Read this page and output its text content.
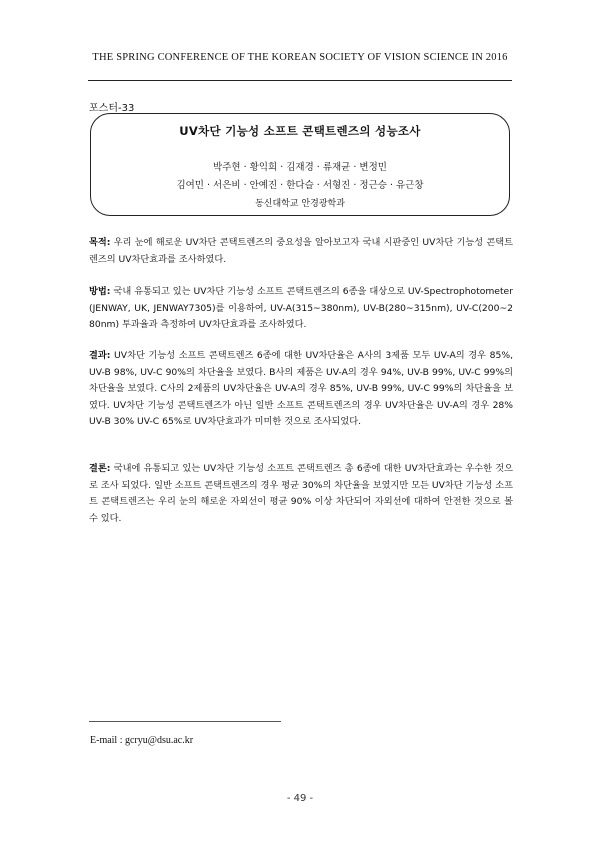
THE SPRING CONFERENCE OF THE KOREAN SOCIETY OF VISION SCIENCE IN 2016
포스터-33
UV차단 기능성 소프트 콘택트렌즈의 성능조사
박주현 · 황익희 · 김재경 · 류재균 · 변정민
김여민 · 서은비 · 안예진 · 한다슬 · 서형진 · 정근승 · 유근창
동신대학교 안경광학과
목적: 우리 눈에 해로운 UV차단 콘택트렌즈의 중요성을 알아보고자 국내 시판중인 UV차단 기능성 콘택트렌즈의 UV차단효과를 조사하였다.
방법: 국내 유통되고 있는 UV차단 기능성 소프트 콘택트렌즈의 6종을 대상으로 UV-Spectrophotometer(JENWAY, UK, JENWAY7305)를 이용하여, UV-A(315~380nm), UV-B(280~315nm), UV-C(200~280nm) 투과율과 측정하여 UV차단효과를 조사하였다.
결과: UV차단 기능성 소프트 콘택트렌즈 6종에 대한 UV차단율은 A사의 3제품 모두 UV-A의 경우 85%, UV-B 98%, UV-C 90%의 차단율을 보였다. B사의 제품은 UV-A의 경우 94%, UV-B 99%, UV-C 99%의 차단율을 보였다. C사의 2제품의 UV차단율은 UV-A의 경우 85%, UV-B 99%, UV-C 99%의 차단율을 보였다. UV차단 기능성 콘택트렌즈가 아닌 일반 소프트 콘택트렌즈의 경우 UV차단율은 UV-A의 경우 28% UV-B 30% UV-C 65%로 UV차단효과가 미미한 것으로 조사되었다.
결론: 국내에 유통되고 있는 UV차단 기능성 소프트 콘택트렌즈 총 6종에 대한 UV차단효과는 우수한 것으로 조사 되었다. 일반 소프트 콘택트렌즈의 경우 평균 30%의 차단율을 보였지만 모든 UV차단 기능성 소프트 콘택트렌즈는 우리 눈의 해로운 자외선이 평균 90% 이상 차단되어 자외선에 대하여 안전한 것으로 볼 수 있다.
E-mail : gcryu@dsu.ac.kr
- 49 -
